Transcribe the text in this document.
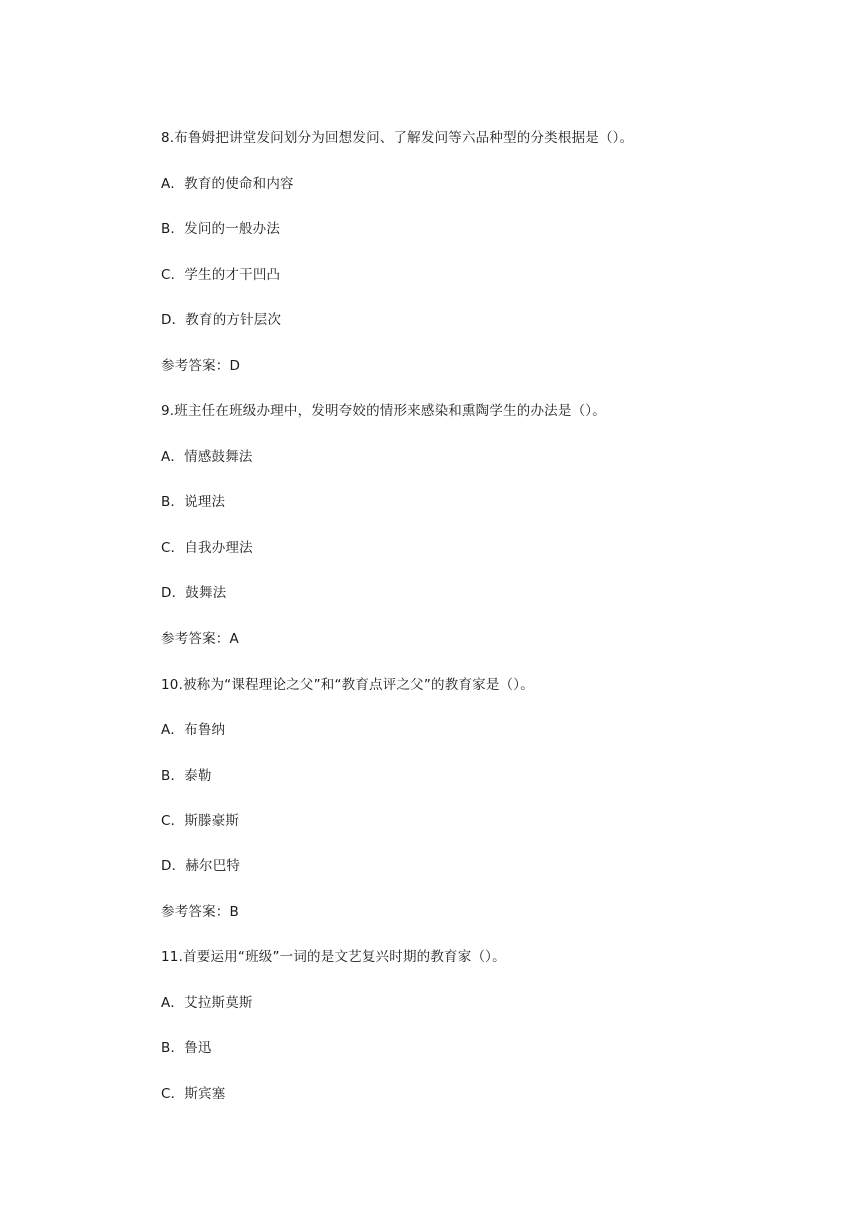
8.布鲁姆把讲堂发问划分为回想发问、了解发问等六品种型的分类根据是（）。
A．教育的使命和内容
B．发问的一般办法
C．学生的才干凹凸
D．教育的方针层次
参考答案：D
9.班主任在班级办理中，发明夸姣的情形来感染和熏陶学生的办法是（）。
A．情感鼓舞法
B．说理法
C．自我办理法
D．鼓舞法
参考答案：A
10.被称为“课程理论之父”和“教育点评之父”的教育家是（）。
A．布鲁纳
B．泰勒
C．斯滕豪斯
D．赫尔巴特
参考答案：B
11.首要运用“班级”一词的是文艺复兴时期的教育家（）。
A．艾拉斯莫斯
B．鲁迅
C．斯宾塞
